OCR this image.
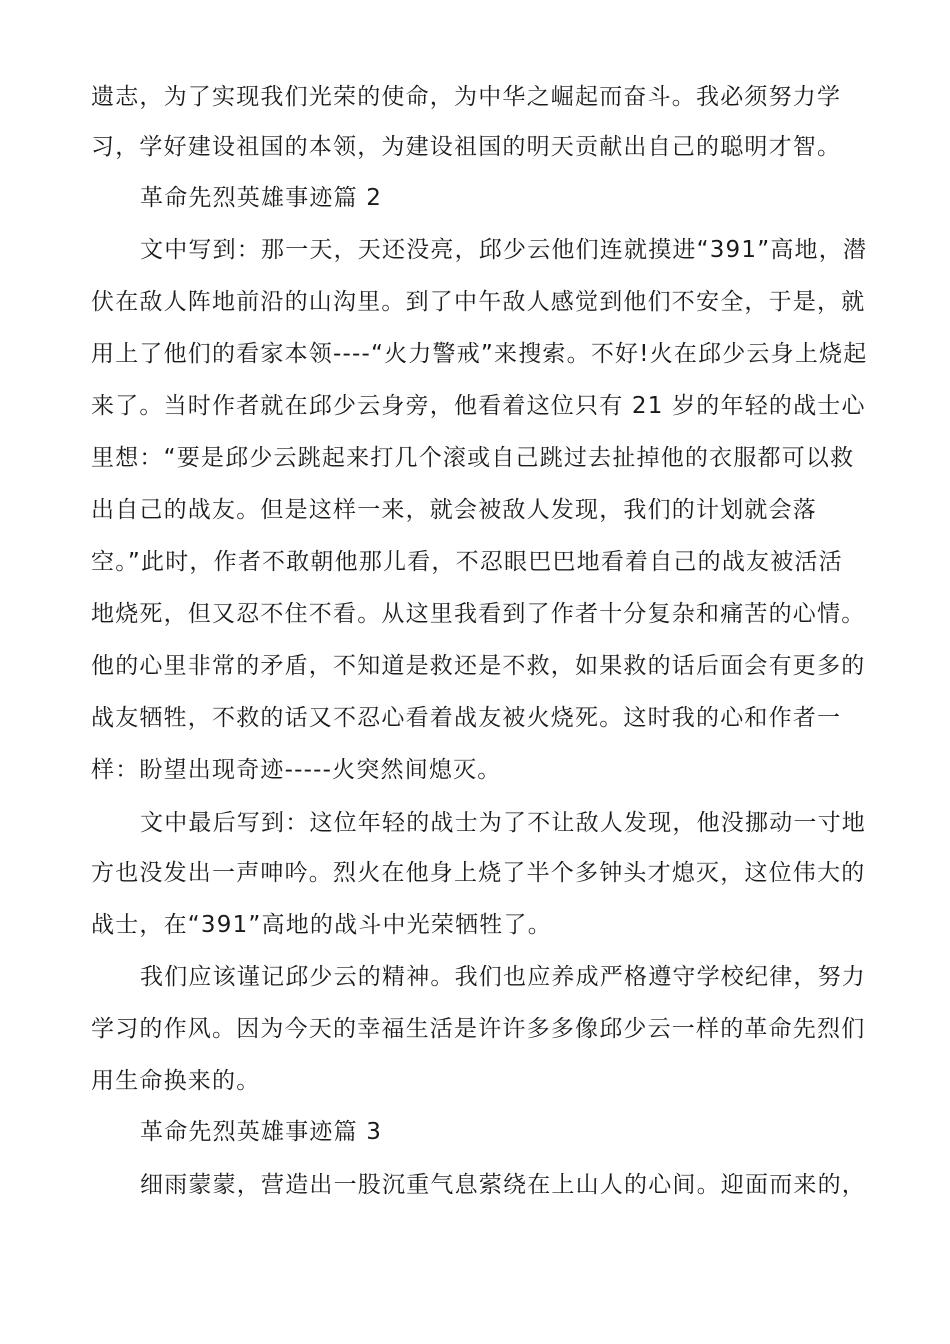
遗志，为了实现我们光荣的使命，为中华之崛起而奋斗。我必须努力学

习，学好建设祖国的本领，为建设祖国的明天贡献出自己的聪明才智。

革命先烈英雄事迹篇 2

文中写到：那一天，天还没亮，邱少云他们连就摸进“391”高地，潜

伏在敌人阵地前沿的山沟里。到了中午敌人感觉到他们不安全，于是，就

用上了他们的看家本领----“火力警戒”来搜索。不好!火在邱少云身上烧起

来了。当时作者就在邱少云身旁，他看着这位只有 21 岁的年轻的战士心

里想：“要是邱少云跳起来打几个滚或自己跳过去扯掉他的衣服都可以救

出自己的战友。但是这样一来，就会被敌人发现，我们的计划就会落

空。”此时，作者不敢朝他那儿看，不忍眼巴巴地看着自己的战友被活活

地烧死，但又忍不住不看。从这里我看到了作者十分复杂和痛苦的心情。

他的心里非常的矛盾，不知道是救还是不救，如果救的话后面会有更多的

战友牺牲，不救的话又不忍心看着战友被火烧死。这时我的心和作者一

样：盼望出现奇迹-----火突然间熄灭。

文中最后写到：这位年轻的战士为了不让敌人发现，他没挪动一寸地

方也没发出一声呻吟。烈火在他身上烧了半个多钟头才熄灭，这位伟大的

战士，在“391”高地的战斗中光荣牺牲了。

我们应该谨记邱少云的精神。我们也应养成严格遵守学校纪律，努力

学习的作风。因为今天的幸福生活是许许多多像邱少云一样的革命先烈们

用生命换来的。

革命先烈英雄事迹篇 3

细雨蒙蒙，营造出一股沉重气息萦绕在上山人的心间。迎面而来的，
